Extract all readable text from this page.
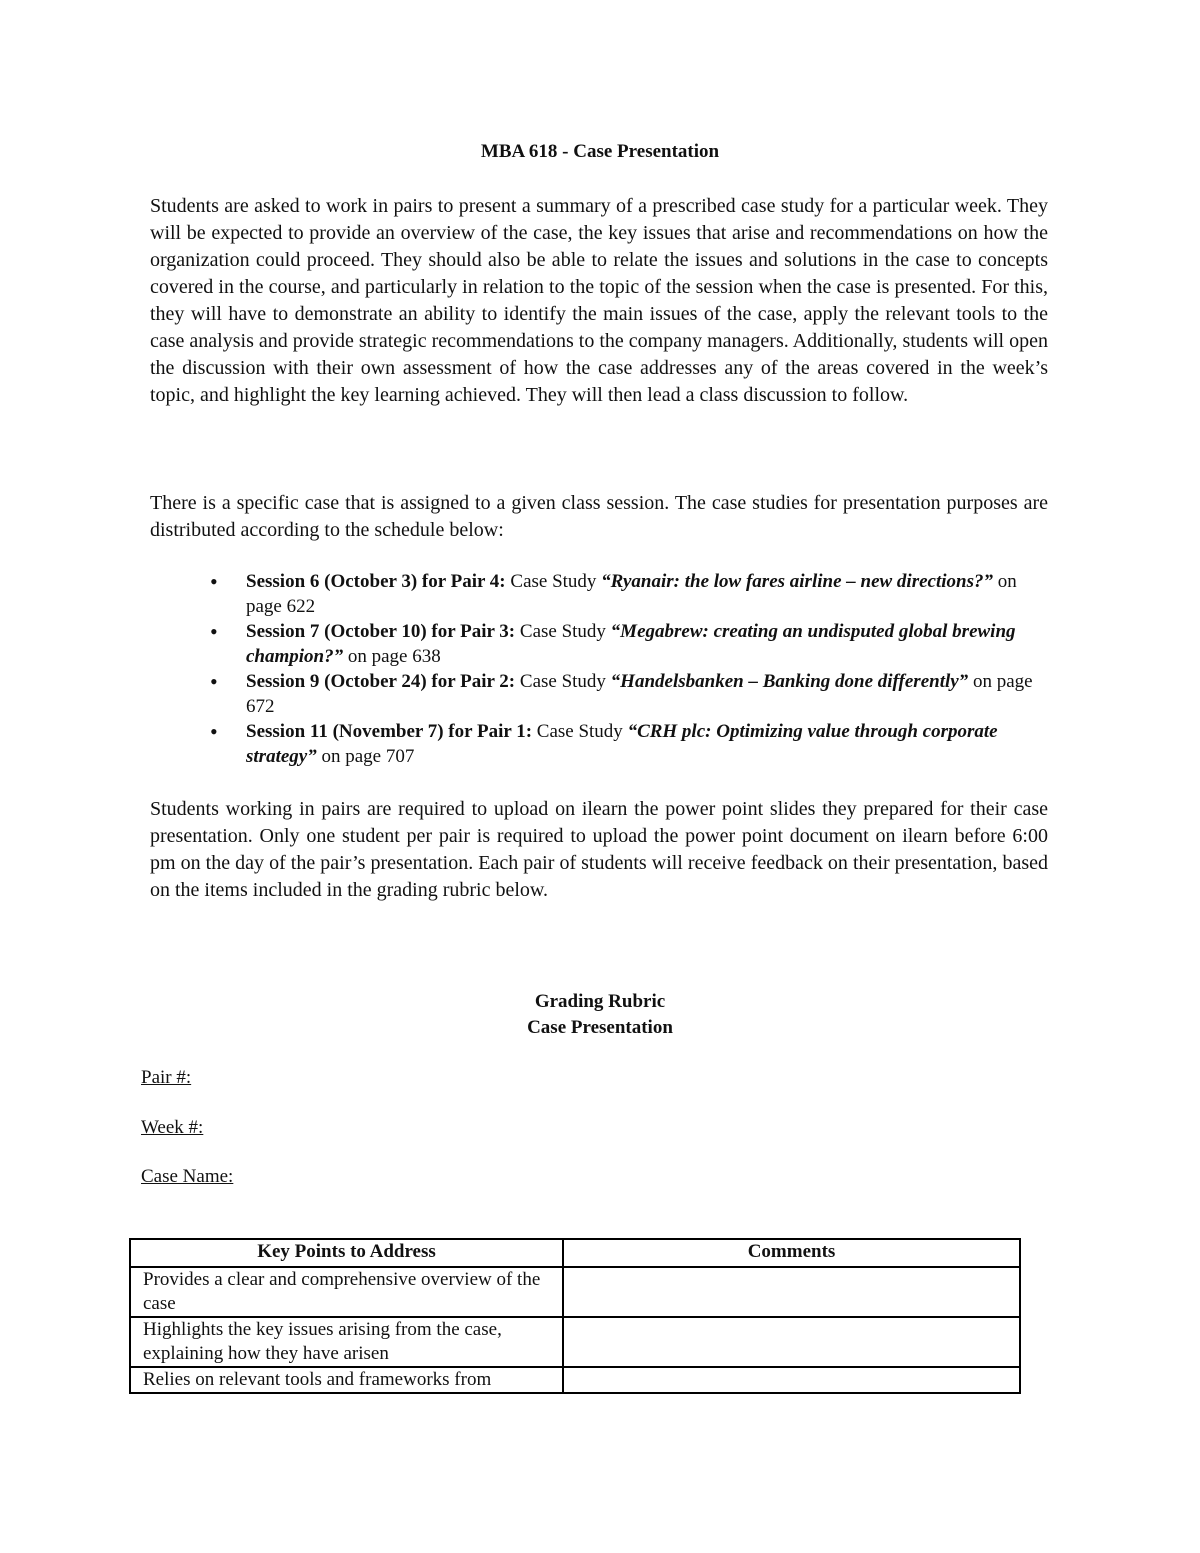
MBA 618 - Case Presentation

Students are asked to work in pairs to present a summary of a prescribed case study for a particular week. They will be expected to provide an overview of the case, the key issues that arise and recommendations on how the organization could proceed. They should also be able to relate the issues and solutions in the case to concepts covered in the course, and particularly in relation to the topic of the session when the case is presented. For this, they will have to demonstrate an ability to identify the main issues of the case, apply the relevant tools to the case analysis and provide strategic recommendations to the company managers. Additionally, students will open the discussion with their own assessment of how the case addresses any of the areas covered in the week’s topic, and highlight the key learning achieved. They will then lead a class discussion to follow.

There is a specific case that is assigned to a given class session. The case studies for presentation purposes are distributed according to the schedule below:

• Session 6 (October 3) for Pair 4: Case Study “Ryanair: the low fares airline – new directions?” on page 622
• Session 7 (October 10) for Pair 3: Case Study “Megabrew: creating an undisputed global brewing champion?” on page 638
• Session 9 (October 24) for Pair 2: Case Study “Handelsbanken – Banking done differently” on page 672
• Session 11 (November 7) for Pair 1: Case Study “CRH plc: Optimizing value through corporate strategy” on page 707

Students working in pairs are required to upload on ilearn the power point slides they prepared for their case presentation. Only one student per pair is required to upload the power point document on ilearn before 6:00 pm on the day of the pair’s presentation. Each pair of students will receive feedback on their presentation, based on the items included in the grading rubric below.

Grading Rubric
Case Presentation
Pair #:
Week #:
Case Name:
Key Points to Address	Comments
Provides a clear and comprehensive overview of the case	
Highlights the key issues arising from the case, explaining how they have arisen	
Relies on relevant tools and frameworks from	
